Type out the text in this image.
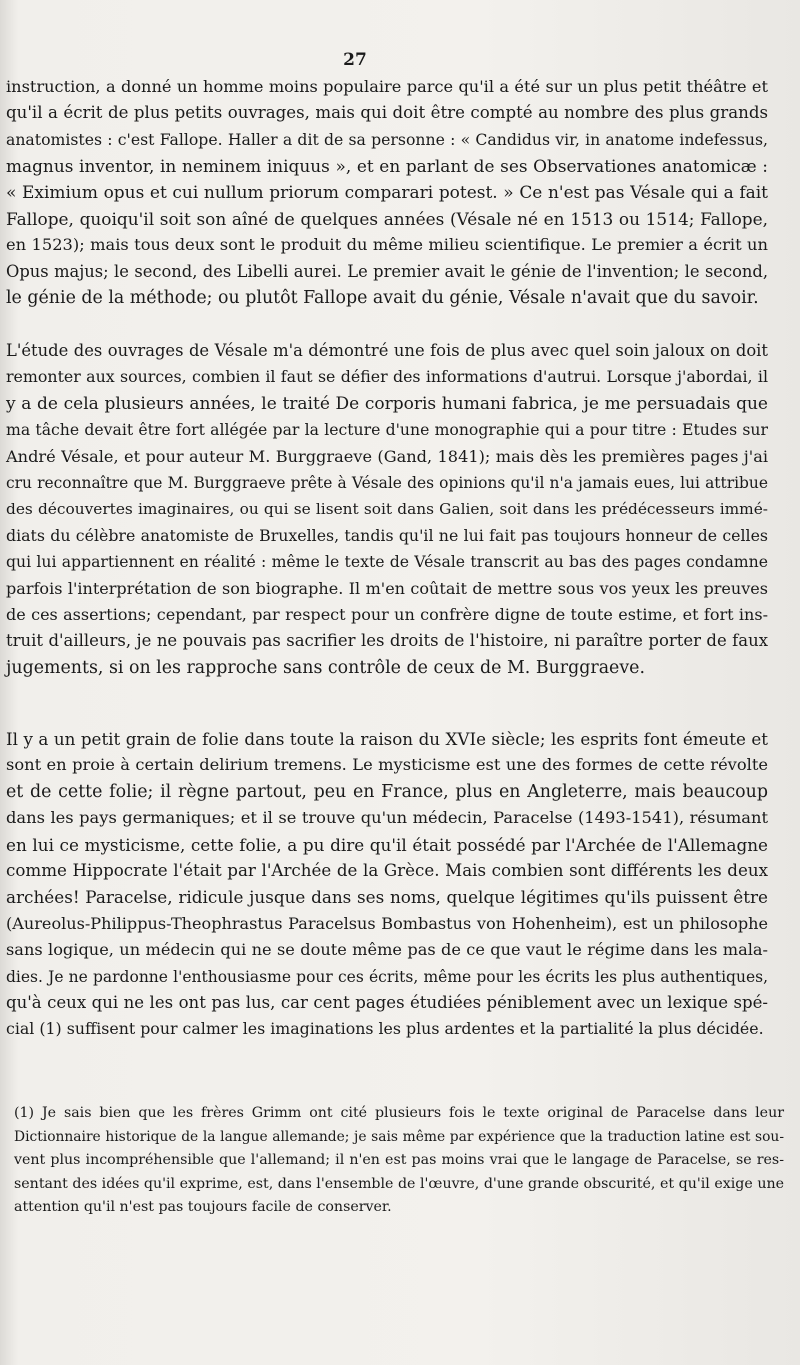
27
instruction, a donné un homme moins populaire parce qu'il a été sur un plus petit théâtre et
qu'il a écrit de plus petits ouvrages, mais qui doit être compté au nombre des plus grands
anatomistes : c'est Fallope. Haller a dit de sa personne : « Candidus vir, in anatome indefessus,
magnus inventor, in neminem iniquus », et en parlant de ses Observationes anatomicæ :
« Eximium opus et cui nullum priorum comparari potest. » Ce n'est pas Vésale qui a fait
Fallope, quoiqu'il soit son aîné de quelques années (Vésale né en 1513 ou 1514; Fallope,
en 1523); mais tous deux sont le produit du même milieu scientifique. Le premier a écrit un
Opus majus; le second, des Libelli aurei. Le premier avait le génie de l'invention; le second,
le génie de la méthode; ou plutôt Fallope avait du génie, Vésale n'avait que du savoir.
L'étude des ouvrages de Vésale m'a démontré une fois de plus avec quel soin jaloux on doit
remonter aux sources, combien il faut se défier des informations d'autrui. Lorsque j'abordai, il
y a de cela plusieurs années, le traité De corporis humani fabrica, je me persuadais que
ma tâche devait être fort allégée par la lecture d'une monographie qui a pour titre : Etudes sur
André Vésale, et pour auteur M. Burggraeve (Gand, 1841); mais dès les premières pages j'ai
cru reconnaître que M. Burggraeve prête à Vésale des opinions qu'il n'a jamais eues, lui attribue
des découvertes imaginaires, ou qui se lisent soit dans Galien, soit dans les prédécesseurs immé-
diats du célèbre anatomiste de Bruxelles, tandis qu'il ne lui fait pas toujours honneur de celles
qui lui appartiennent en réalité : même le texte de Vésale transcrit au bas des pages condamne
parfois l'interprétation de son biographe. Il m'en coûtait de mettre sous vos yeux les preuves
de ces assertions; cependant, par respect pour un confrère digne de toute estime, et fort ins-
truit d'ailleurs, je ne pouvais pas sacrifier les droits de l'histoire, ni paraître porter de faux
jugements, si on les rapproche sans contrôle de ceux de M. Burggraeve.
Il y a un petit grain de folie dans toute la raison du XVIe siècle; les esprits font émeute et
sont en proie à certain delirium tremens. Le mysticisme est une des formes de cette révolte
et de cette folie; il règne partout, peu en France, plus en Angleterre, mais beaucoup
dans les pays germaniques; et il se trouve qu'un médecin, Paracelse (1493-1541), résumant
en lui ce mysticisme, cette folie, a pu dire qu'il était possédé par l'Archée de l'Allemagne
comme Hippocrate l'était par l'Archée de la Grèce. Mais combien sont différents les deux
archées! Paracelse, ridicule jusque dans ses noms, quelque légitimes qu'ils puissent être
(Aureolus-Philippus-Theophrastus Paracelsus Bombastus von Hohenheim), est un philosophe
sans logique, un médecin qui ne se doute même pas de ce que vaut le régime dans les mala-
dies. Je ne pardonne l'enthousiasme pour ces écrits, même pour les écrits les plus authentiques,
qu'à ceux qui ne les ont pas lus, car cent pages étudiées péniblement avec un lexique spé-
cial (1) suffisent pour calmer les imaginations les plus ardentes et la partialité la plus décidée.
(1) Je sais bien que les frères Grimm ont cité plusieurs fois le texte original de Paracelse dans leur
Dictionnaire historique de la langue allemande; je sais même par expérience que la traduction latine est sou-
vent plus incompréhensible que l'allemand; il n'en est pas moins vrai que le langage de Paracelse, se res-
sentant des idées qu'il exprime, est, dans l'ensemble de l'œuvre, d'une grande obscurité, et qu'il exige une
attention qu'il n'est pas toujours facile de conserver.
